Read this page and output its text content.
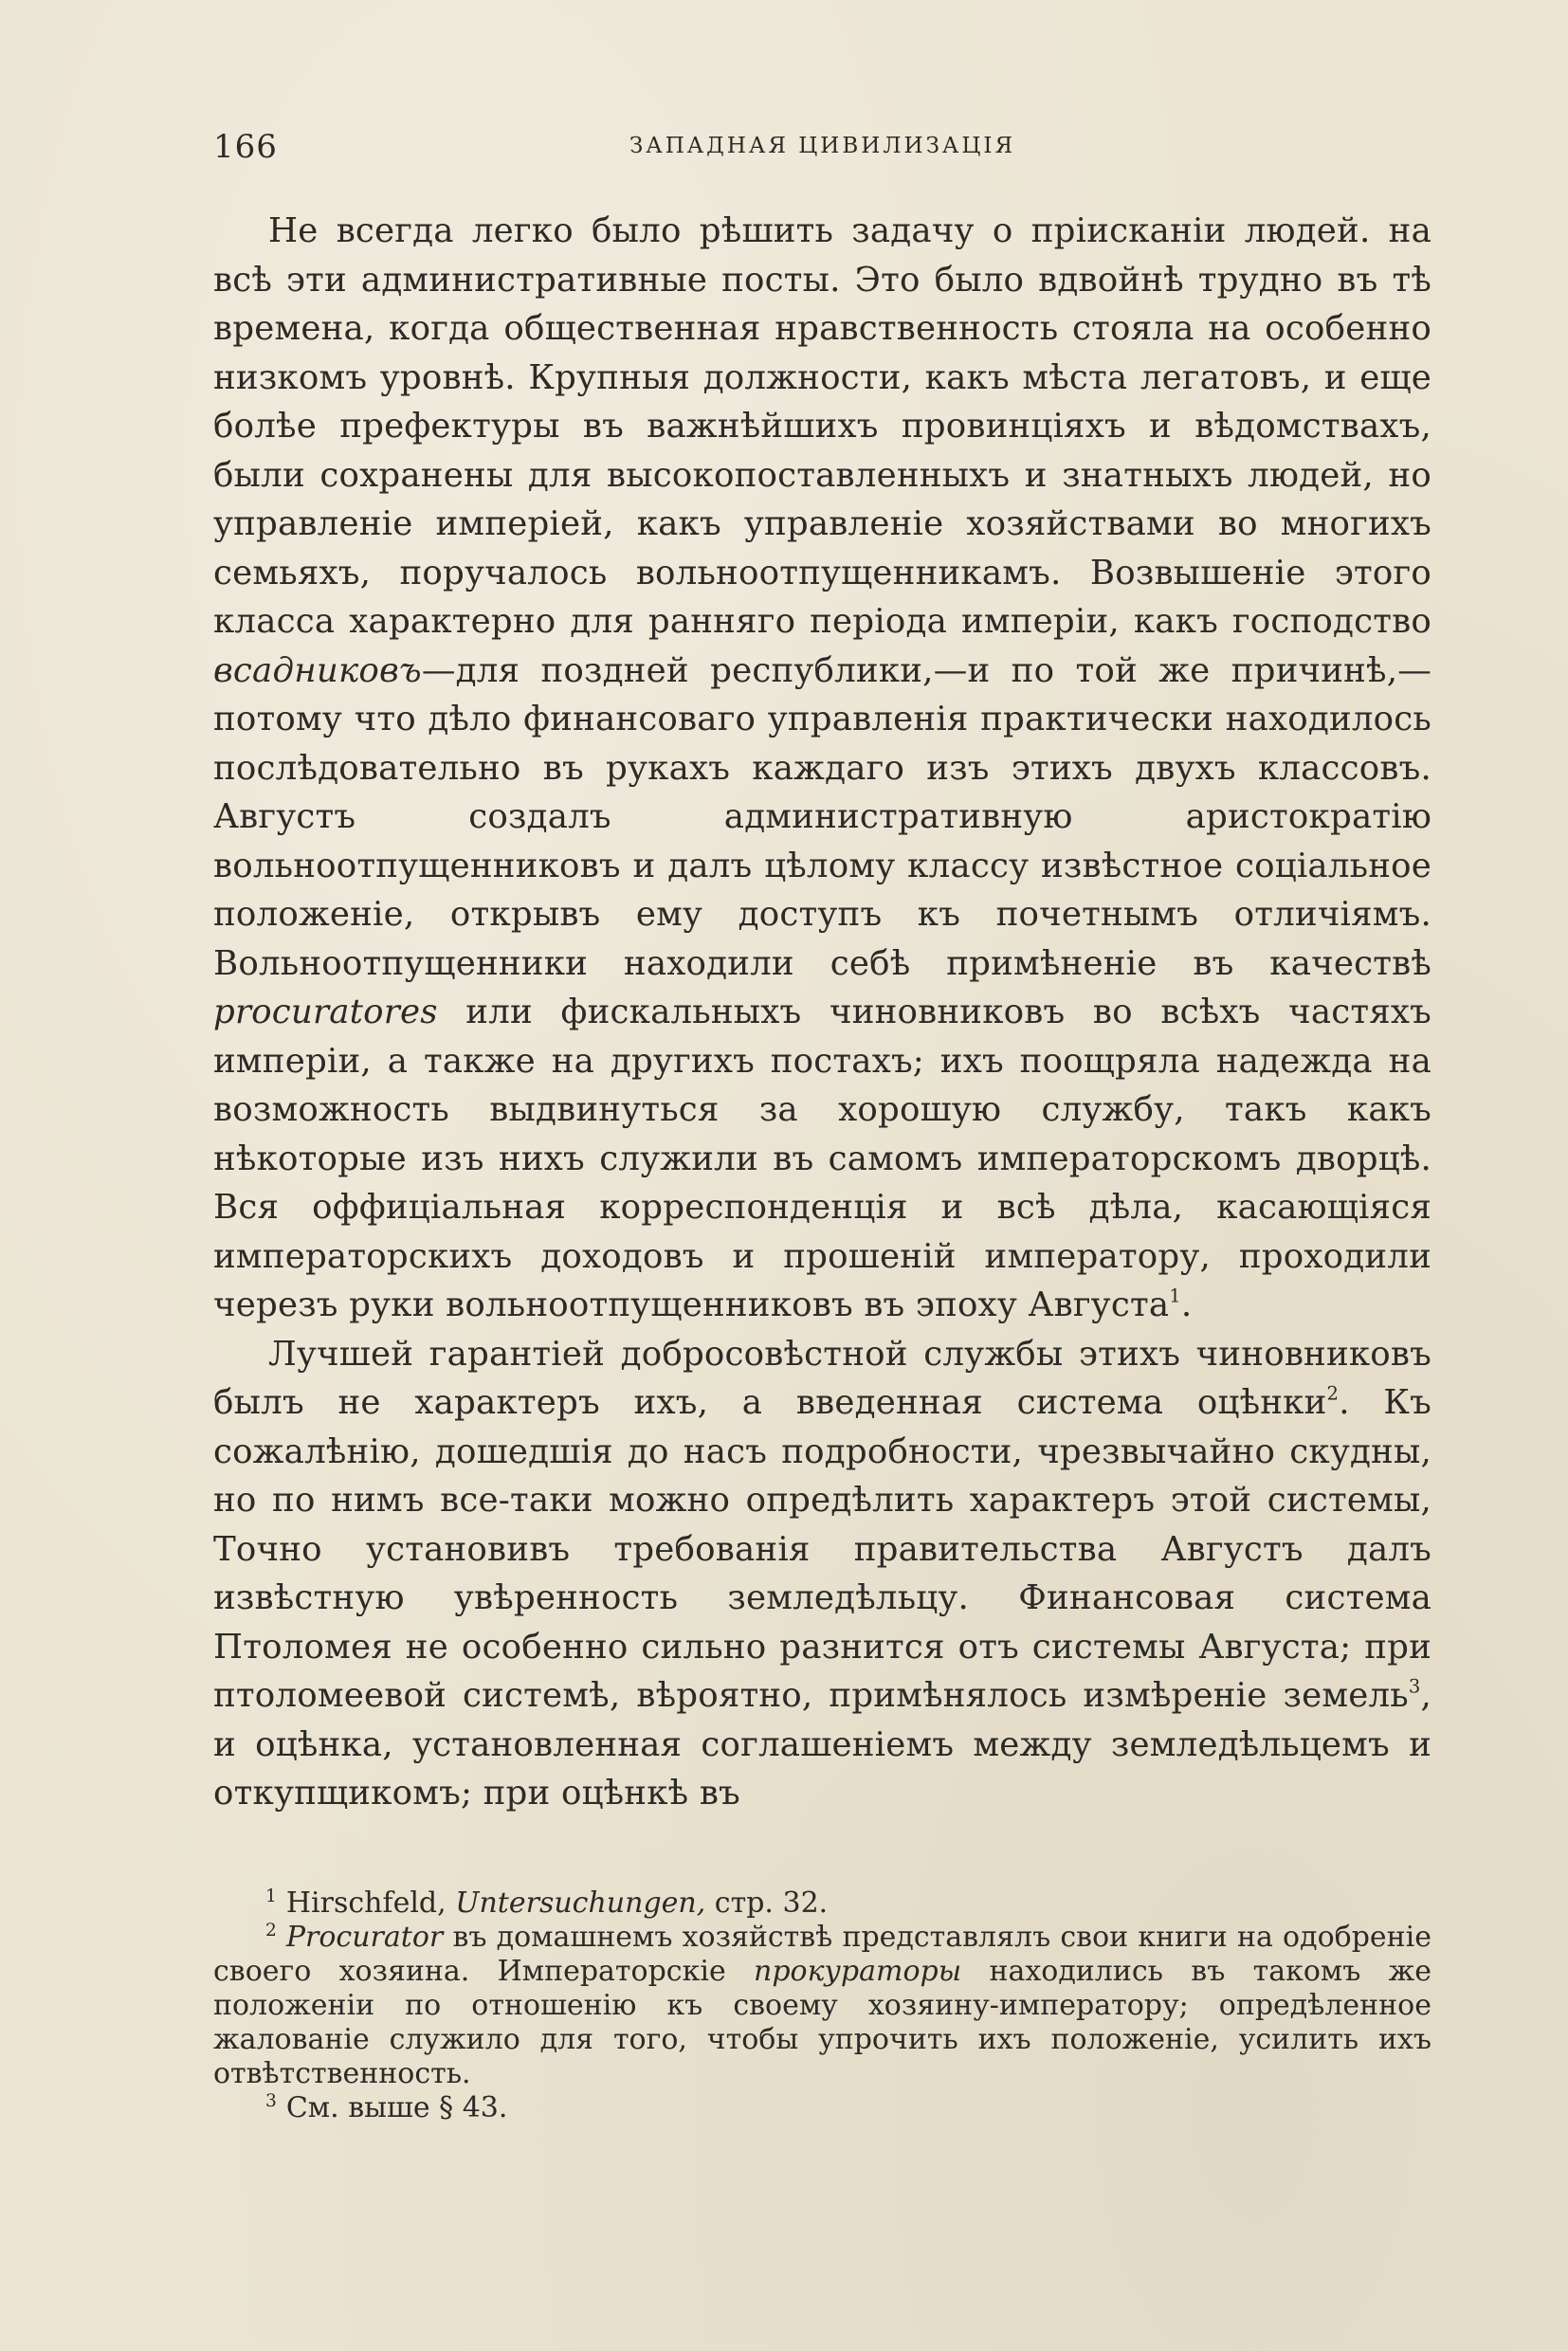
166	ЗАПАДНАЯ ЦИВИЛИЗАЦІЯ

Не всегда легко было рѣшить задачу о пріисканіи людей. на всѣ эти административные посты. Это было вдвойнѣ трудно въ тѣ времена, когда общественная нравственность стояла на особенно низкомъ уровнѣ. Крупныя должности, какъ мѣста легатовъ, и еще болѣе префектуры въ важнѣйшихъ провинціяхъ и вѣдомствахъ, были сохранены для высокопоставленныхъ и знатныхъ людей, но управленіе имперіей, какъ управленіе хозяйствами во многихъ семьяхъ, поручалось вольноотпущенникамъ. Возвышеніе этого класса характерно для ранняго періода имперіи, какъ господство всадниковъ—для поздней республики,—и по той же причинѣ,—потому что дѣло финансоваго управленія практически находилось послѣдовательно въ рукахъ каждаго изъ этихъ двухъ классовъ. Августъ создалъ административную аристократію вольноотпущенниковъ и далъ цѣлому классу извѣстное соціальное положеніе, открывъ ему доступъ къ почетнымъ отличіямъ. Вольноотпущенники находили себѣ примѣненіе въ качествѣ procuratores или фискальныхъ чиновниковъ во всѣхъ частяхъ имперіи, а также на другихъ постахъ; ихъ поощряла надежда на возможность выдвинуться за хорошую службу, такъ какъ нѣкоторые изъ нихъ служили въ самомъ императорскомъ дворцѣ. Вся оффиціальная корреспонденція и всѣ дѣла, касающіяся императорскихъ доходовъ и прошеній императору, проходили черезъ руки вольноотпущенниковъ въ эпоху Августа$^1$.

Лучшей гарантіей добросовѣстной службы этихъ чиновниковъ былъ не характеръ ихъ, а введенная система оцѣнки$^2$. Къ сожалѣнію, дошедшія до насъ подробности, чрезвычайно скудны, но по нимъ все-таки можно опредѣлить характеръ этой системы, Точно установивъ требованія правительства Августъ далъ извѣстную увѣренность земледѣльцу. Финансовая система Птоломея не особенно сильно разнится отъ системы Августа; при птоломеевой системѣ, вѣроятно, примѣнялось измѣреніе земель$^3$, и оцѣнка, установленная соглашеніемъ между земледѣльцемъ и откупщикомъ; при оцѣнкѣ въ

$^1$ Hirschfeld, Untersuchungen, стр. 32.

$^2$ Procurator въ домашнемъ хозяйствѣ представлялъ свои книги на одобреніе своего хозяина. Императорскіе прокураторы находились въ такомъ же положеніи по отношенію къ своему хозяину-императору; опредѣленное жалованіе служило для того, чтобы упрочить ихъ положеніе, усилить ихъ отвѣтственность.

$^3$ См. выше § 43.
